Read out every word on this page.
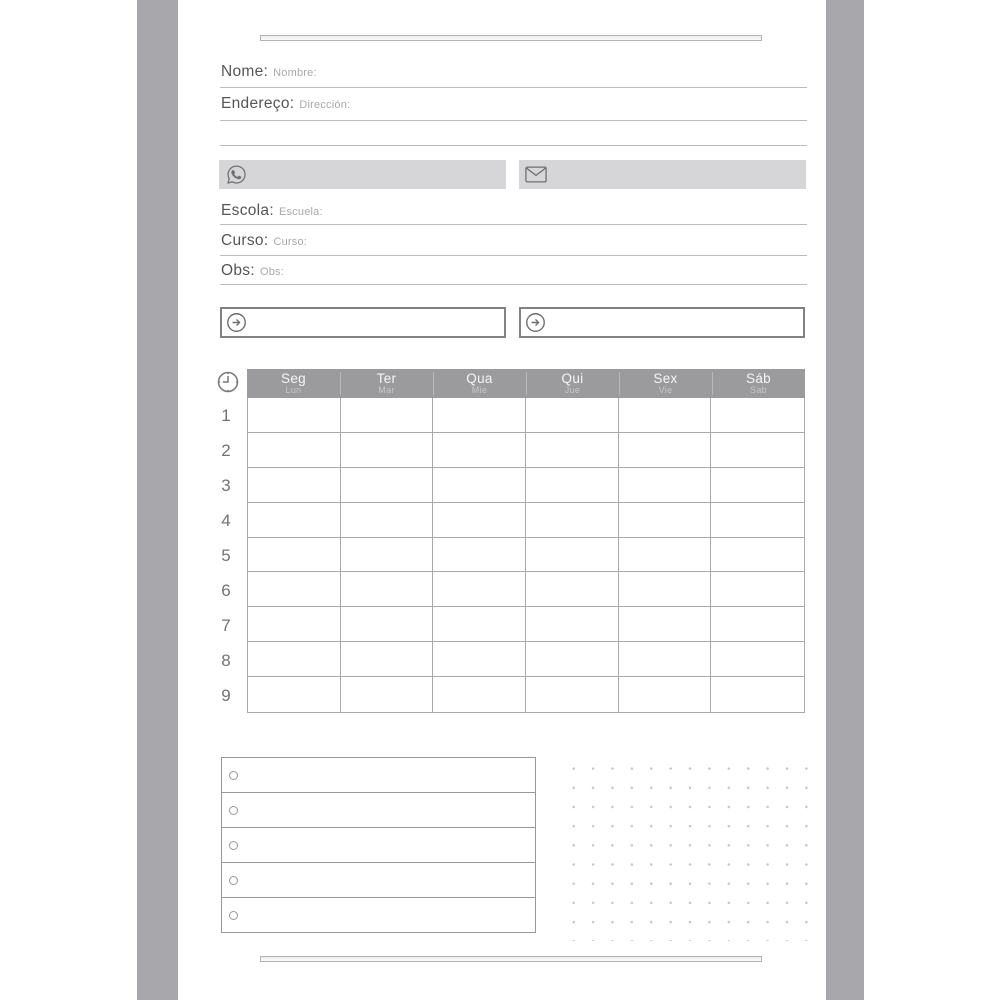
Nome: Nombre:
Endereço: Dirección:
Escola: Escuela:
Curso: Curso:
Obs: Obs:
Seg
Lun
Ter
Mar
Qua
Mie
Qui
Jue
Sex
Vie
Sáb
Sab
1
2
3
4
5
6
7
8
9
